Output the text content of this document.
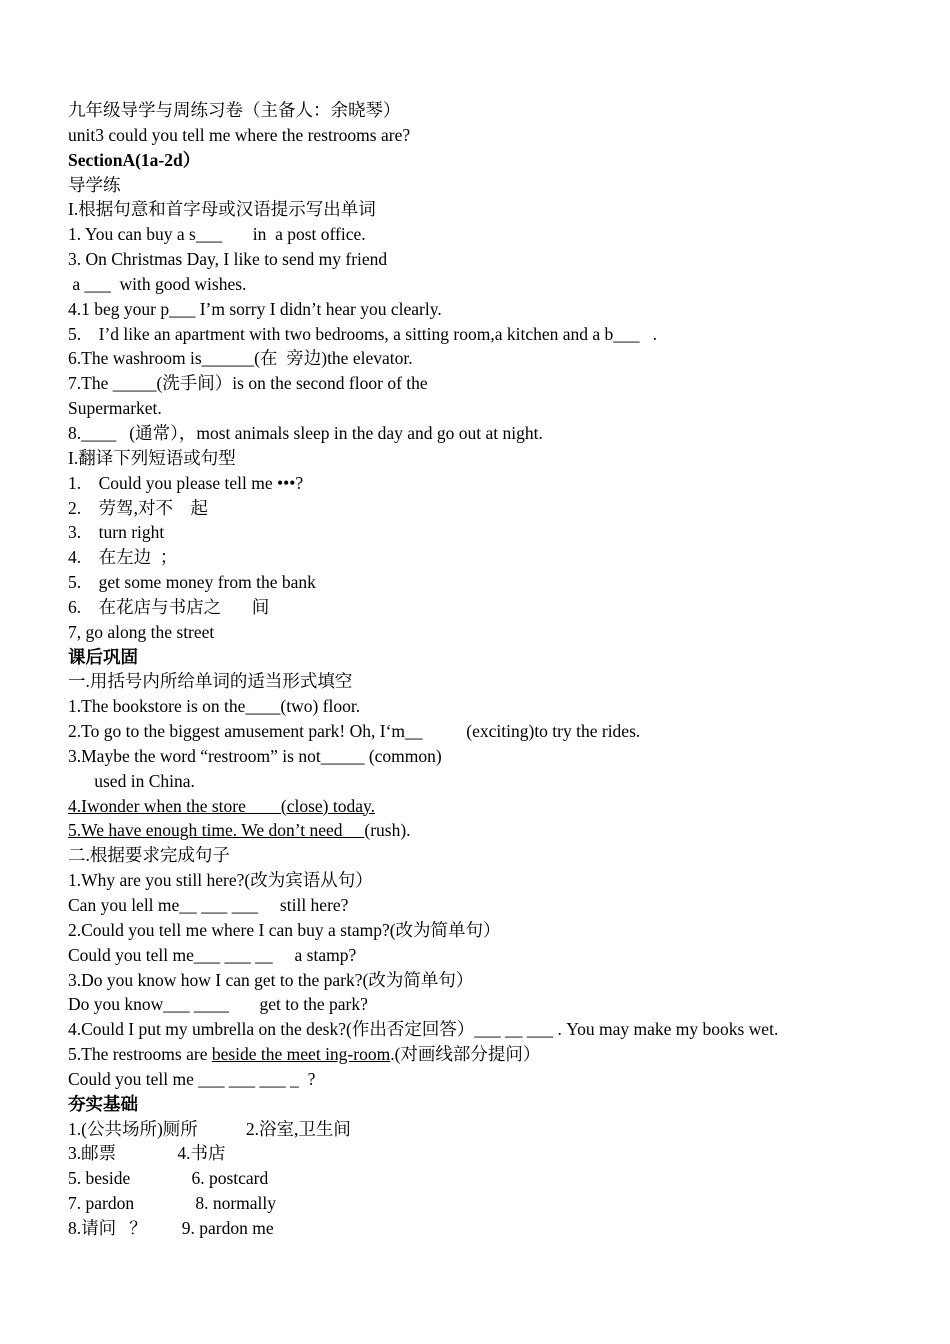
九年级导学与周练习卷（主备人：余晓琴）
unit3 could you tell me where the restrooms are?
SectionA(1a-2d）
导学练
I.根据句意和首字母或汉语提示写出单词
1. You can buy a s___       in  a post office.
3. On Christmas Day, I like to send my friend
a ___  with good wishes.
4.1 beg your p___ I’m sorry I didn’t hear you clearly.
5.    I’d like an apartment with two bedrooms, a sitting room,a kitchen and a b___   .
6.The washroom is______(在  旁边)the elevator.
7.The _____(洗手间）is on the second floor of the
Supermarket.
8.____   (通常），most animals sleep in the day and go out at night.
I.翻译下列短语或句型
1.    Could you please tell me •••?
2.    劳驾,对不    起
3.    turn right
4.    在左边  ；
5.    get some money from the bank
6.    在花店与书店之       间
7, go along the street
课后巩固
一.用括号内所给单词的适当形式填空
1.The bookstore is on the____(two) floor.
2.To go to the biggest amusement park! Oh, I‘m__          (exciting)to try the rides.
3.Maybe the word “restroom” is not_____ (common)
used in China.
4.Iwonder when the store        (close) today.
5.We have enough time. We don’t need     (rush).
二.根据要求完成句子
1.Why are you still here?(改为宾语从句）
Can you lell me__ ___ ___     still here?
2.Could you tell me where I can buy a stamp?(改为简单句）
Could you tell me___ ___ __     a stamp?
3.Do you know how I can get to the park?(改为简单句）
Do you know___ ____       get to the park?
4.Could I put my umbrella on the desk?(作出否定回答）___ __ ___ . You may make my books wet.
5.The restrooms are beside the meet ing-room.(对画线部分提问）
Could you tell me ___ ___ ___ _  ?
夯实基础
1.(公共场所)厕所           2.浴室,卫生间
3.邮票              4.书店
5. beside              6. postcard
7. pardon              8. normally
8.请问   ？        9. pardon me
